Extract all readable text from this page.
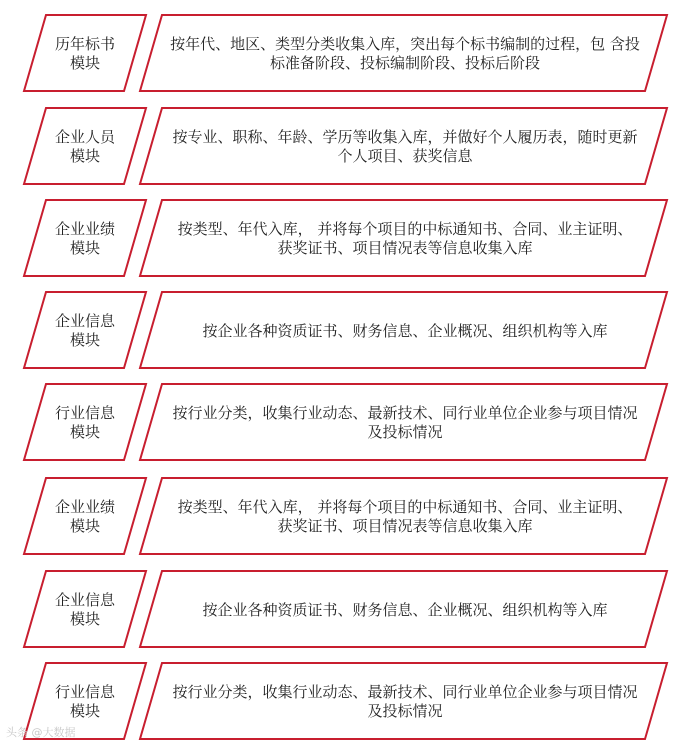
历年标书模块
按年代、地区、类型分类收集入库，突出每个标书编制的过程，包 含投标准备阶段、投标编制阶段、投标后阶段
企业人员模块
按专业、职称、年龄、学历等收集入库，并做好个人履历表，随时更新个人项目、获奖信息
企业业绩模块
按类型、年代入库， 并将每个项目的中标通知书、合同、业主证明、 获奖证书、项目情况表等信息收集入库
企业信息模块
按企业各种资质证书、财务信息、企业概况、组织机构等入库
行业信息模块
按行业分类，收集行业动态、最新技术、同行业单位企业参与项目情况及投标情况
企业业绩模块
按类型、年代入库， 并将每个项目的中标通知书、合同、业主证明、 获奖证书、项目情况表等信息收集入库
企业信息模块
按企业各种资质证书、财务信息、企业概况、组织机构等入库
行业信息模块
按行业分类，收集行业动态、最新技术、同行业单位企业参与项目情况及投标情况
头条 @大数据
